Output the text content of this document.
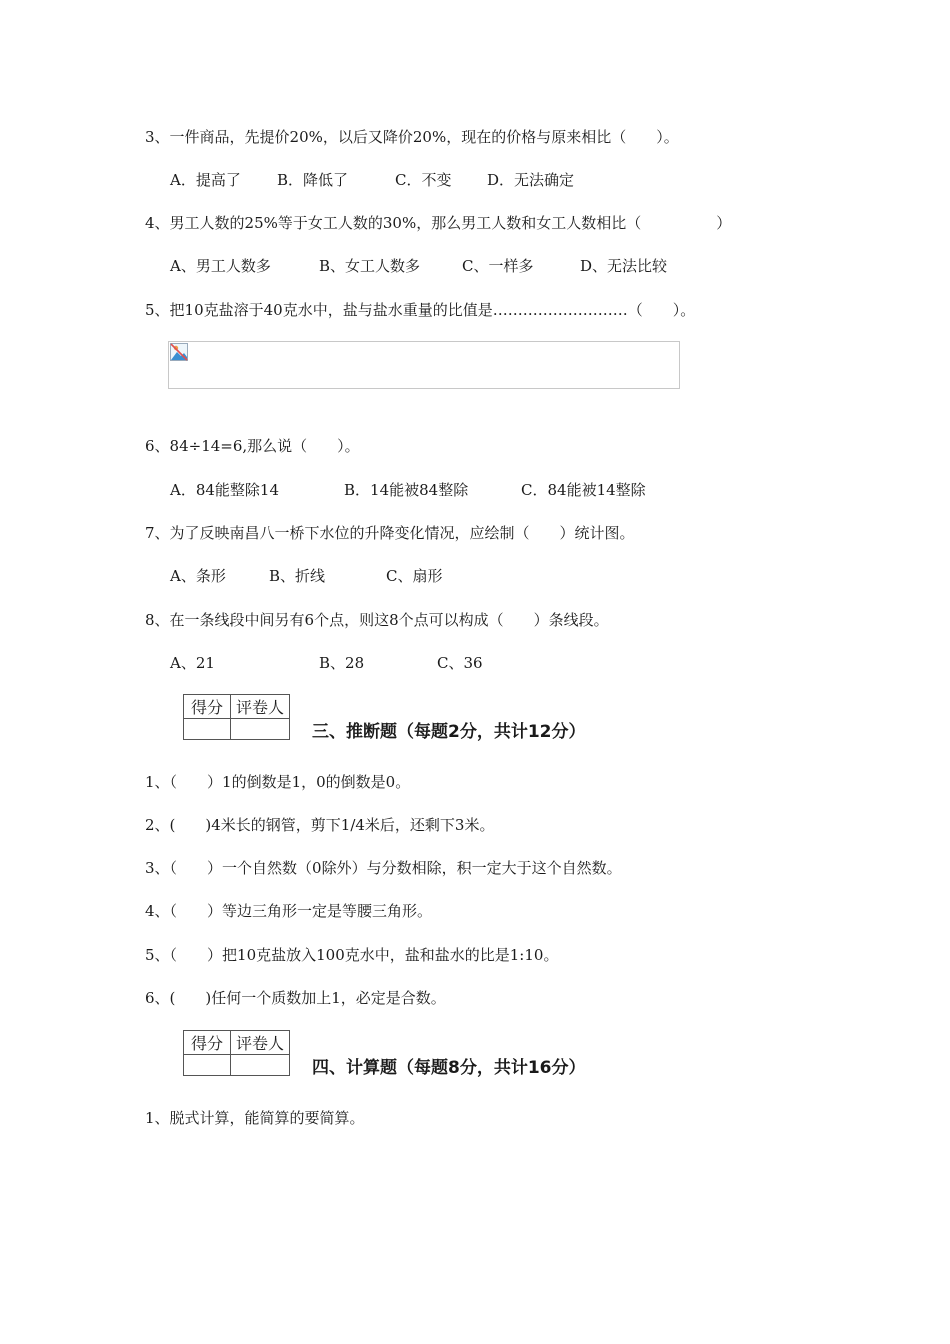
3、一件商品，先提价20%，以后又降价20%，现在的价格与原来相比（　　）。
A．提高了 B．降低了	C．不变 D．无法确定
4、男工人数的25%等于女工人数的30%，那么男工人数和女工人数相比（　　　　　）
A、男工人数多	B、女工人数多	C、一样多	D、无法比较
5、把10克盐溶于40克水中，盐与盐水重量的比值是………………………（　　）。
6、84÷14=6,那么说（　　）。
A．84能整除14	B．14能被84整除	C．84能被14整除
7、为了反映南昌八一桥下水位的升降变化情况，应绘制（　　）统计图。
A、条形	B、折线	C、扇形
8、在一条线段中间另有6个点，则这8个点可以构成（　　）条线段。
A、21	B、28	C、36
得分	评卷人

三、推断题（每题2分，共计12分）
1、（　　）1的倒数是1，0的倒数是0。
2、(　　)4米长的钢管，剪下1/4米后，还剩下3米。
3、（　　）一个自然数（0除外）与分数相除，积一定大于这个自然数。
4、（　　）等边三角形一定是等腰三角形。
5、（　　）把10克盐放入100克水中，盐和盐水的比是1:10。
6、(　　)任何一个质数加上1，必定是合数。
得分	评卷人

四、计算题（每题8分，共计16分）
1、脱式计算，能简算的要简算。
